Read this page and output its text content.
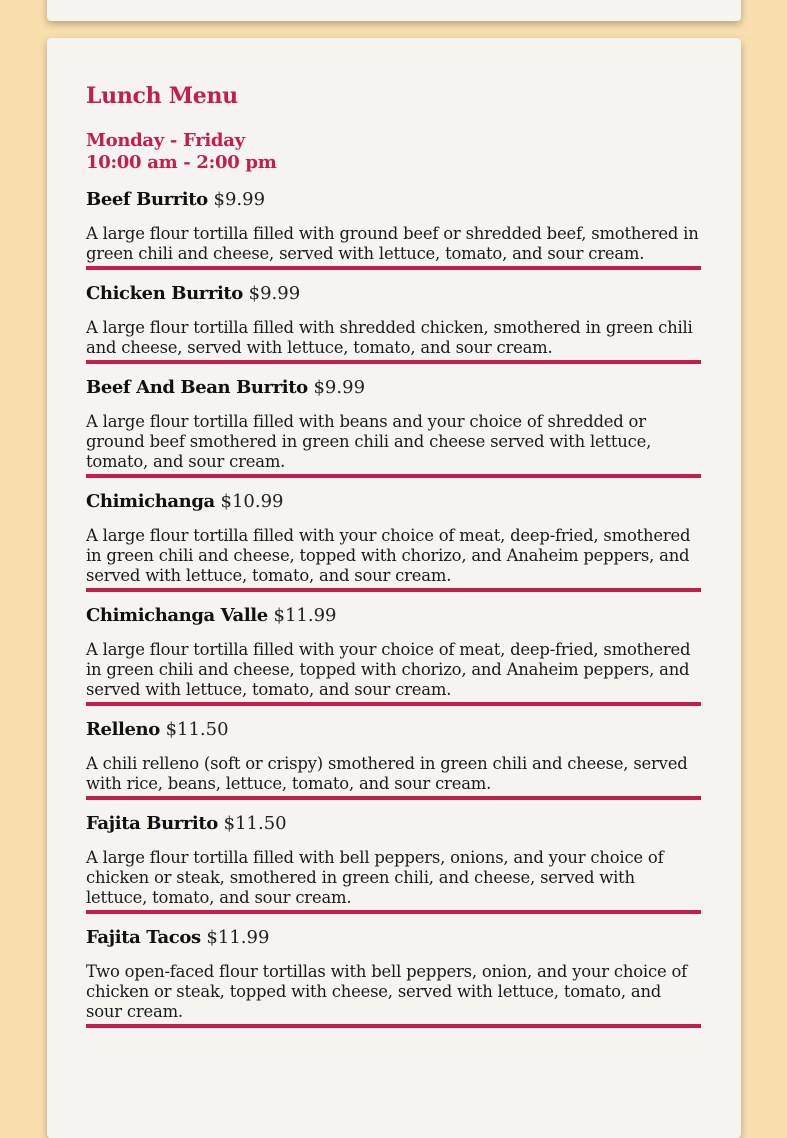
Lunch Menu
Monday - Friday
10:00 am - 2:00 pm
Beef Burrito $9.99
A large flour tortilla filled with ground beef or shredded beef, smothered in green chili and cheese, served with lettuce, tomato, and sour cream.
Chicken Burrito $9.99
A large flour tortilla filled with shredded chicken, smothered in green chili and cheese, served with lettuce, tomato, and sour cream.
Beef And Bean Burrito $9.99
A large flour tortilla filled with beans and your choice of shredded or ground beef smothered in green chili and cheese served with lettuce, tomato, and sour cream.
Chimichanga $10.99
A large flour tortilla filled with your choice of meat, deep-fried, smothered in green chili and cheese, topped with chorizo, and Anaheim peppers, and served with lettuce, tomato, and sour cream.
Chimichanga Valle $11.99
A large flour tortilla filled with your choice of meat, deep-fried, smothered in green chili and cheese, topped with chorizo, and Anaheim peppers, and served with lettuce, tomato, and sour cream.
Relleno $11.50
A chili relleno (soft or crispy) smothered in green chili and cheese, served with rice, beans, lettuce, tomato, and sour cream.
Fajita Burrito $11.50
A large flour tortilla filled with bell peppers, onions, and your choice of chicken or steak, smothered in green chili, and cheese, served with lettuce, tomato, and sour cream.
Fajita Tacos $11.99
Two open-faced flour tortillas with bell peppers, onion, and your choice of chicken or steak, topped with cheese, served with lettuce, tomato, and sour cream.
